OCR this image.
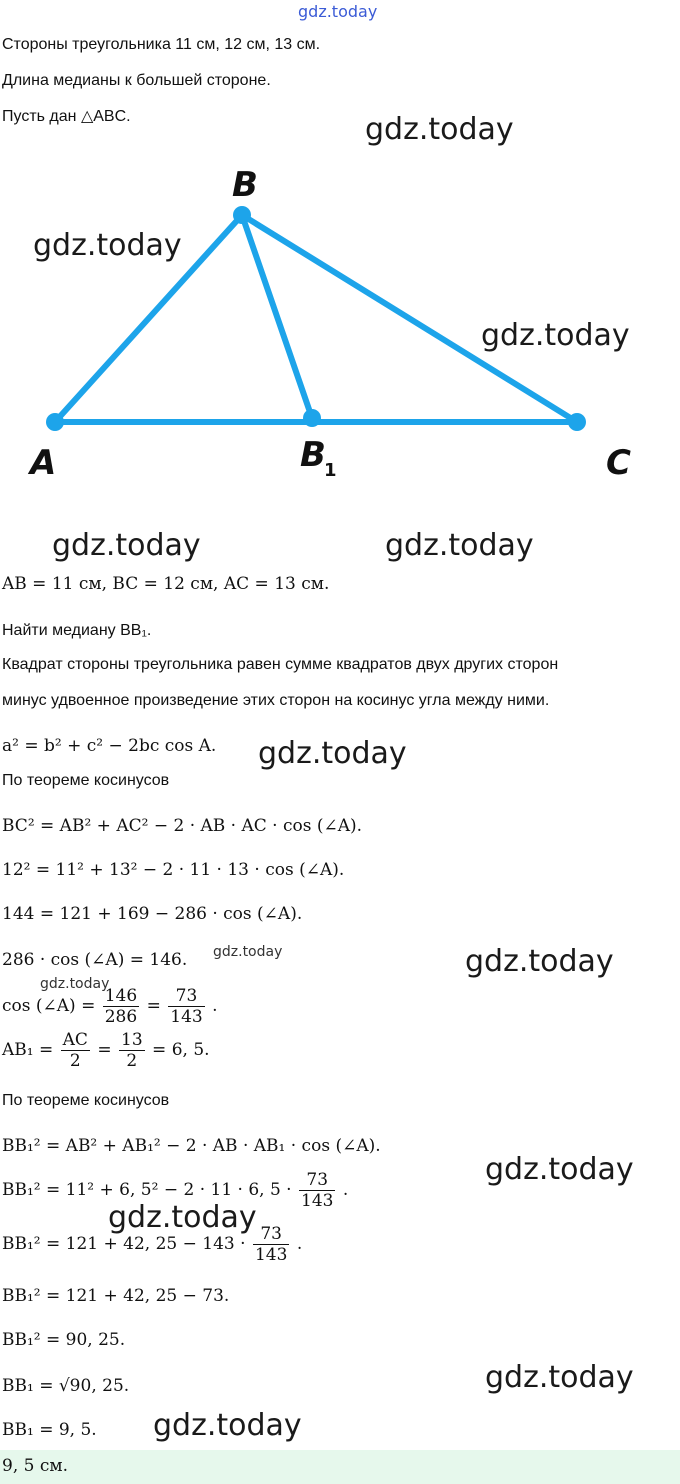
gdz.today
Стороны треугольника 11 см, 12 см, 13 см.
Длина медианы к большей стороне.
Пусть дан △ABC.	gdz.today
A
B
B
1	C
gdz.today
gdz.today
gdz.today	gdz.today
AB = 11 см, BC = 12 см, AC = 13 см.
Найти медиану BB₁.
Квадрат стороны треугольника равен сумме квадратов двух других сторон
минус удвоенное произведение этих сторон на косинус угла между ними.
a² = b² + c² − 2bc cos A. gdz.today
По теореме косинусов
BC² = AB² + AC² − 2 · AB · AC · cos (∠A).
12² = 11² + 13² − 2 · 11 · 13 · cos (∠A).
144 = 121 + 169 − 286 · cos (∠A).
286 · cos (∠A) = 146. gdz.today	gdz.today
gdz.today
cos (∠A) = $\frac{146}{286} = \frac{73}{143}$ .
$AB_1 = \frac{AC}{2} = \frac{13}{2} = 6$, 5.
По теореме косинусов
BB₁² = AB² + AB₁² − 2 · AB · AB₁ · cos (∠A).
gdz.today
BB₁² = 11² + 6, 5² − 2 · 11 · 6, $5 \cdot \frac{73}{143}$ .
gdz.today
BB₁² = 121 + 42, $25 - 143 \cdot \frac{73}{143}$ .
BB₁² = 121 + 42, 25 − 73.
BB₁² = 90, 25.
BB₁ = √90, 25.	gdz.today
BB₁ = 9, 5. gdz.today
9, 5 см.
